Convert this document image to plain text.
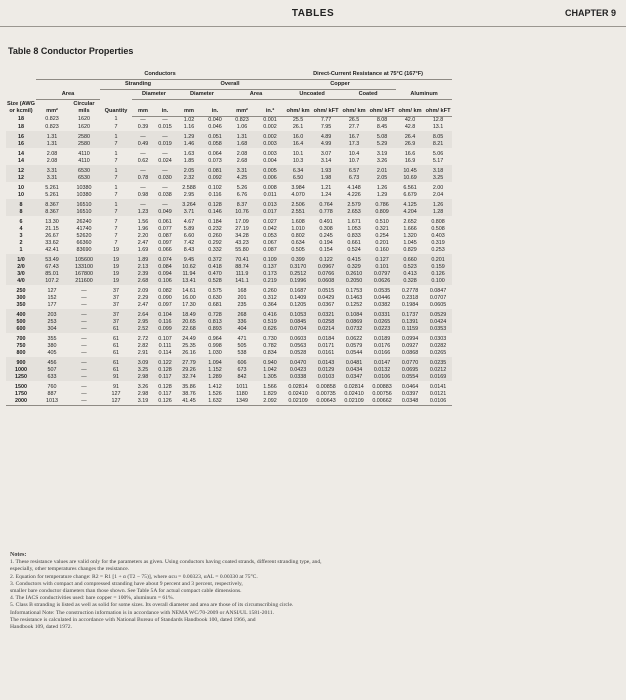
TABLES	CHAPTER 9
Table 8 Conductor Properties
	Conductors									Direct-Current Resistance at 75°C (167°F)					
Size (AWG or kcmil)			Stranding			Overall				Copper					
	Area			Diameter		Diameter		Area		Uncoated		Coated		Aluminum	
	mm²	Circular mils	Quantity												
				mm	in.	mm	in.	mm²	in.²	ohm/ km	ohm/ kFT	ohm/ km	ohm/ kFT	ohm/ km	ohm/ kFT
18	0.823	1620	1	—	—	1.02	0.040	0.823	0.001	25.5	7.77	26.5	8.08	42.0	12.8
18	0.823	1620	7	0.39	0.015	1.16	0.046	1.06	0.002	26.1	7.95	27.7	8.45	42.8	13.1
16	1.31	2580	1	—	—	1.29	0.051	1.31	0.002	16.0	4.89	16.7	5.08	26.4	8.05
16	1.31	2580	7	0.49	0.019	1.46	0.058	1.68	0.003	16.4	4.99	17.3	5.29	26.9	8.21
14	2.08	4110	1	—	—	1.63	0.064	2.08	0.003	10.1	3.07	10.4	3.19	16.6	5.06
14	2.08	4110	7	0.62	0.024	1.85	0.073	2.68	0.004	10.3	3.14	10.7	3.26	16.9	5.17
12	3.31	6530	1	—	—	2.05	0.081	3.31	0.005	6.34	1.93	6.57	2.01	10.45	3.18
12	3.31	6530	7	0.78	0.030	2.32	0.092	4.25	0.006	6.50	1.98	6.73	2.05	10.69	3.25
10	5.261	10380	1	—	—	2.588	0.102	5.26	0.008	3.984	1.21	4.148	1.26	6.561	2.00
10	5.261	10380	7	0.98	0.038	2.95	0.116	6.76	0.011	4.070	1.24	4.226	1.29	6.679	2.04
8	8.367	16510	1	—	—	3.264	0.128	8.37	0.013	2.506	0.764	2.579	0.786	4.125	1.26
8	8.367	16510	7	1.23	0.049	3.71	0.146	10.76	0.017	2.551	0.778	2.653	0.809	4.204	1.28
6	13.30	26240	7	1.56	0.061	4.67	0.184	17.09	0.027	1.608	0.491	1.671	0.510	2.652	0.808
4	21.15	41740	7	1.96	0.077	5.89	0.232	27.19	0.042	1.010	0.308	1.053	0.321	1.666	0.508
3	26.67	52620	7	2.20	0.087	6.60	0.260	34.28	0.053	0.802	0.245	0.833	0.254	1.320	0.403
2	33.62	66360	7	2.47	0.097	7.42	0.292	43.23	0.067	0.634	0.194	0.661	0.201	1.045	0.319
1	42.41	83690	19	1.69	0.066	8.43	0.332	55.80	0.087	0.505	0.154	0.524	0.160	0.829	0.253
1/0	53.49	105600	19	1.89	0.074	9.45	0.372	70.41	0.109	0.399	0.122	0.415	0.127	0.660	0.201
2/0	67.43	133100	19	2.13	0.084	10.62	0.418	88.74	0.137	0.3170	0.0967	0.329	0.101	0.523	0.159
3/0	85.01	167800	19	2.39	0.094	11.94	0.470	111.9	0.173	0.2512	0.0766	0.2610	0.0797	0.413	0.126
4/0	107.2	211600	19	2.68	0.106	13.41	0.528	141.1	0.219	0.1996	0.0608	0.2050	0.0626	0.328	0.100
250	127	—	37	2.09	0.082	14.61	0.575	168	0.260	0.1687	0.0515	0.1753	0.0535	0.2778	0.0847
300	152	—	37	2.29	0.090	16.00	0.630	201	0.312	0.1409	0.0429	0.1463	0.0446	0.2318	0.0707
350	177	—	37	2.47	0.097	17.30	0.681	235	0.364	0.1205	0.0367	0.1252	0.0382	0.1984	0.0605
400	203	—	37	2.64	0.104	18.49	0.728	268	0.416	0.1053	0.0321	0.1084	0.0331	0.1737	0.0529
500	253	—	37	2.95	0.116	20.65	0.813	336	0.519	0.0845	0.0258	0.0869	0.0265	0.1391	0.0424
600	304	—	61	2.52	0.099	22.68	0.893	404	0.626	0.0704	0.0214	0.0732	0.0223	0.1159	0.0353
700	355	—	61	2.72	0.107	24.49	0.964	471	0.730	0.0603	0.0184	0.0622	0.0189	0.0994	0.0303
750	380	—	61	2.82	0.111	25.35	0.998	505	0.782	0.0563	0.0171	0.0579	0.0176	0.0927	0.0282
800	405	—	61	2.91	0.114	26.16	1.030	538	0.834	0.0528	0.0161	0.0544	0.0166	0.0868	0.0265
900	456	—	61	3.09	0.122	27.79	1.094	606	0.940	0.0470	0.0143	0.0481	0.0147	0.0770	0.0235
1000	507	—	61	3.25	0.128	29.26	1.152	673	1.042	0.0423	0.0129	0.0434	0.0132	0.0695	0.0212
1250	633	—	91	2.98	0.117	32.74	1.289	842	1.305	0.0338	0.0103	0.0347	0.0106	0.0554	0.0169
1500	760	—	91	3.26	0.128	35.86	1.412	1011	1.566	0.02814	0.00858	0.02814	0.00883	0.0464	0.0141
1750	887	—	127	2.98	0.117	38.76	1.526	1180	1.829	0.02410	0.00735	0.02410	0.00756	0.0397	0.0121
2000	1013	—	127	3.19	0.126	41.45	1.632	1349	2.092	0.02109	0.00643	0.02109	0.00662	0.0348	0.0106

Notes:

1. These resistance values are valid only for the parameters as given. Using conductors having coated strands, different stranding type, and,

especially, other temperatures changes the resistance.

2. Equation for temperature change: R2 = R1 [1 + α (T2 − 75)], where αcu = 0.00323, αAL = 0.00330 at 75°C.

3. Conductors with compact and compressed stranding have about 9 percent and 3 percent, respectively,

smaller bare conductor diameters than those shown. See Table 5A for actual compact cable dimensions.

4. The IACS conductivities used: bare copper = 100%, aluminum = 61%.

5. Class B stranding is listed as well as solid for some sizes. Its overall diameter and area are those of its circumscribing circle.

Informational Note: The construction information is in accordance with NEMA WC/70-2009 or ANSI/UL 1581-2011.

The resistance is calculated in accordance with National Bureau of Standards Handbook 100, dated 1966, and

Handbook 109, dated 1972.
